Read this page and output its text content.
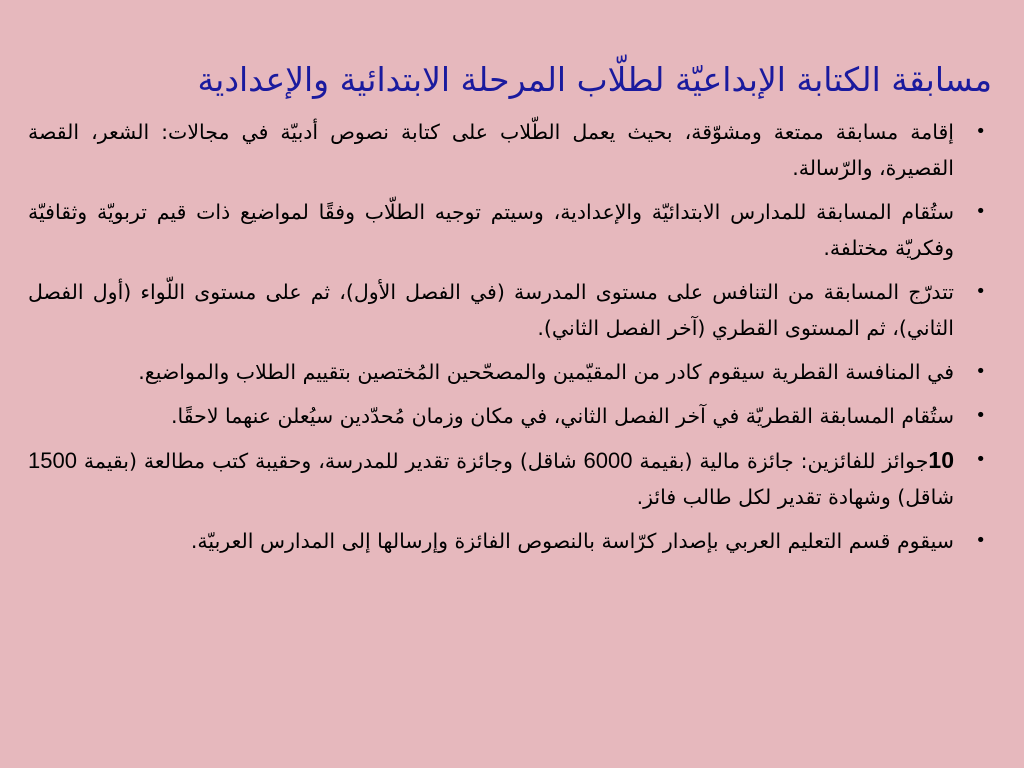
مسابقة الكتابة الإبداعيّة لطلّاب المرحلة الابتدائية والإعدادية
•
إقامة مسابقة ممتعة ومشوّقة، بحيث يعمل الطّلاب على كتابة نصوص أدبيّة في مجالات: الشعر، القصة القصيرة، والرّسالة.
•
ستُقام المسابقة للمدارس الابتدائيّة والإعدادية، وسيتم توجيه الطلّاب وفقًا لمواضيع ذات قيم تربويّة وثقافيّة وفكريّة مختلفة.
•
تتدرّج المسابقة من التنافس على مستوى المدرسة (في الفصل الأول)، ثم على مستوى اللّواء (أول الفصل الثاني)، ثم المستوى القطري (آخر الفصل الثاني).
•
في المنافسة القطرية سيقوم كادر من المقيّمين والمصحّحين المُختصين بتقييم الطلاب والمواضيع.
•
ستُقام المسابقة القطريّة في آخر الفصل الثاني، في مكان وزمان مُحدّدين سيُعلن عنهما لاحقًا.
•
10جوائز للفائزين: جائزة مالية (بقيمة 6000 شاقل) وجائزة تقدير للمدرسة، وحقيبة كتب مطالعة (بقيمة 1500 شاقل) وشهادة تقدير لكل طالب فائز.
•
سيقوم قسم التعليم العربي بإصدار كرّاسة بالنصوص الفائزة وإرسالها إلى المدارس العربيّة.
